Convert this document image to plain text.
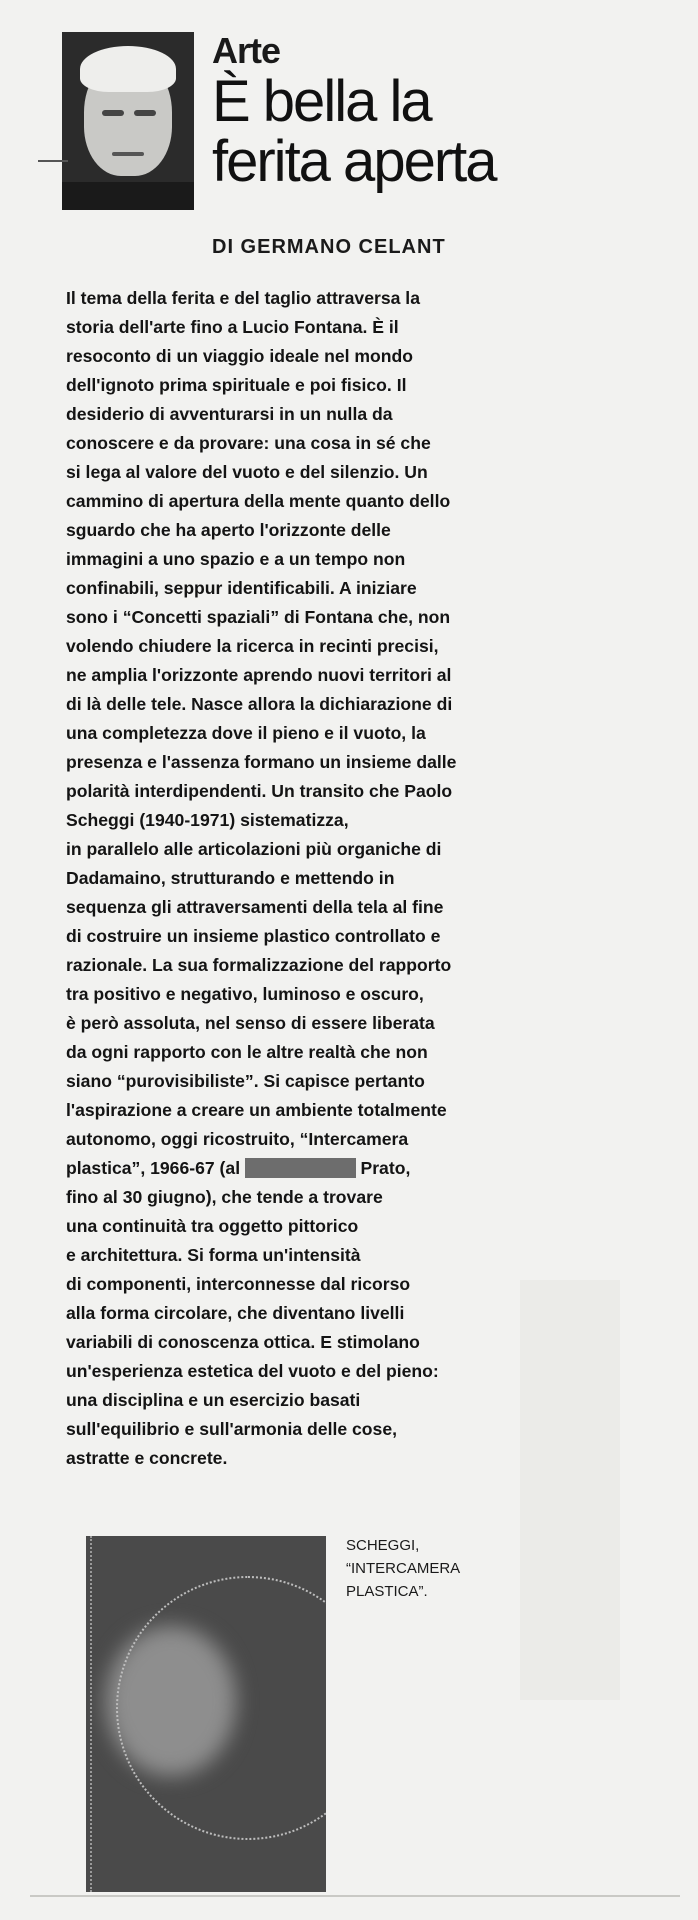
Arte
È bella la
ferita aperta

DI GERMANO CELANT

Il tema della ferita e del taglio attraversa la
storia dell'arte fino a Lucio Fontana. È il
resoconto di un viaggio ideale nel mondo
dell'ignoto prima spirituale e poi fisico. Il
desiderio di avventurarsi in un nulla da
conoscere e da provare: una cosa in sé che
si lega al valore del vuoto e del silenzio. Un
cammino di apertura della mente quanto dello
sguardo che ha aperto l'orizzonte delle
immagini a uno spazio e a un tempo non
confinabili, seppur identificabili. A iniziare
sono i “Concetti spaziali” di Fontana che, non
volendo chiudere la ricerca in recinti precisi,
ne amplia l'orizzonte aprendo nuovi territori al
di là delle tele. Nasce allora la dichiarazione di
una completezza dove il pieno e il vuoto, la
presenza e l'assenza formano un insieme dalle
polarità interdipendenti. Un transito che Paolo
Scheggi (1940-1971) sistematizza,
in parallelo alle articolazioni più organiche di
Dadamaino, strutturando e mettendo in
sequenza gli attraversamenti della tela al fine
di costruire un insieme plastico controllato e
razionale. La sua formalizzazione del rapporto
tra positivo e negativo, luminoso e oscuro,
è però assoluta, nel senso di essere liberata
da ogni rapporto con le altre realtà che non
siano “purovisibiliste”. Si capisce pertanto
l'aspirazione a creare un ambiente totalmente
autonomo, oggi ricostruito, “Intercamera
plastica”, 1966-67 (al	Prato,
fino al 30 giugno), che tende a trovare
una continuità tra oggetto pittorico
e architettura. Si forma un'intensità
di componenti, interconnesse dal ricorso
alla forma circolare, che diventano livelli
variabili di conoscenza ottica. E stimolano
un'esperienza estetica del vuoto e del pieno:
una disciplina e un esercizio basati
sull'equilibrio e sull'armonia delle cose,
astratte e concrete.

SCHEGGI,
“INTERCAMERA
PLASTICA”.
